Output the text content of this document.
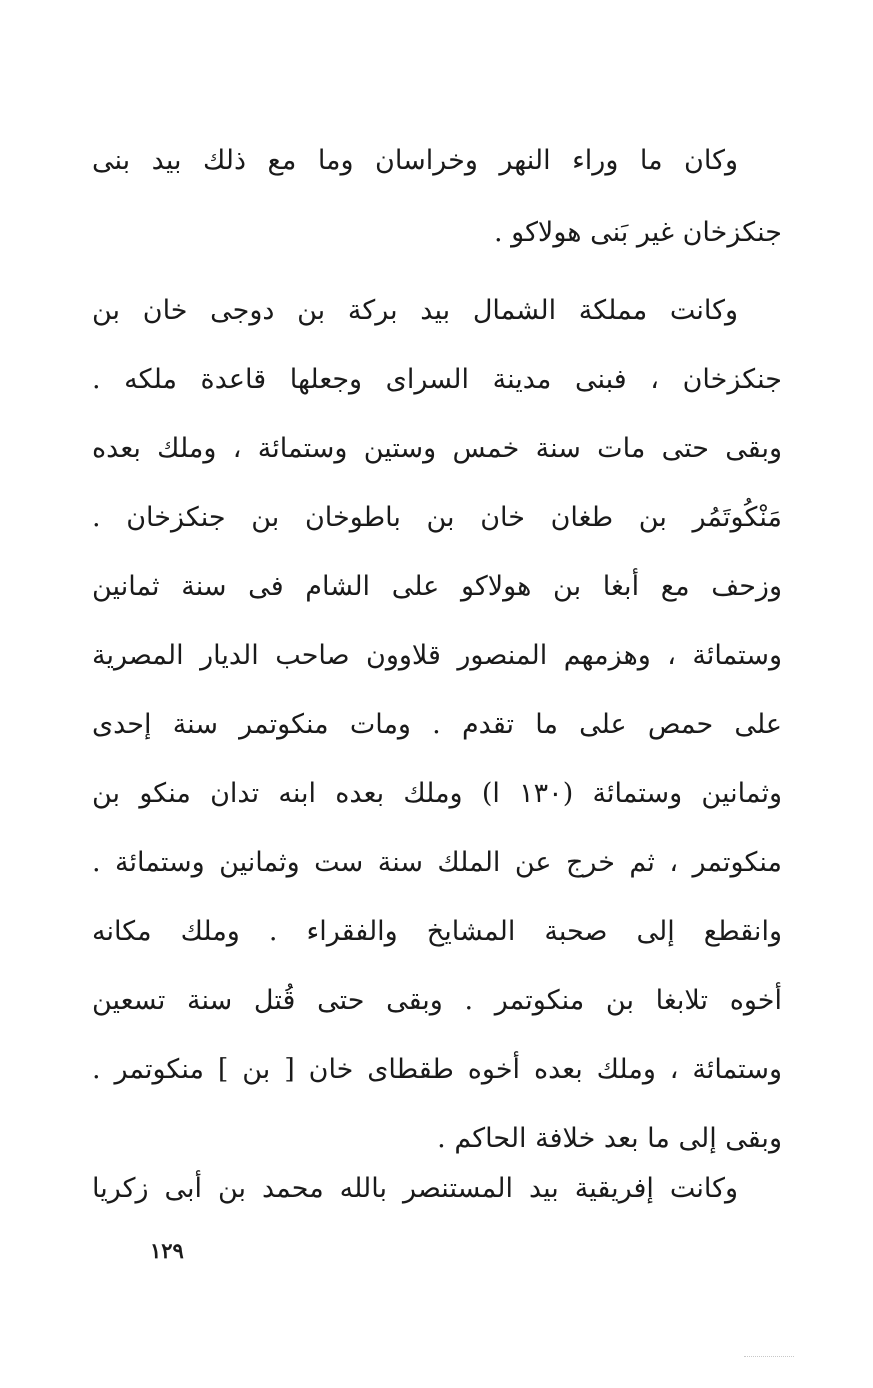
وكان ما وراء النهر وخراسان وما مع ذلك بيد بنى
جنكزخان غير بَنى هولاكو .
وكانت مملكة الشمال بيد بركة بن دوجى خان بن
جنكزخان ، فبنى مدينة السراى وجعلها قاعدة ملكه .
وبقى حتى مات سنة خمس وستين وستمائة ، وملك بعده
مَنْكُوتَمُر بن طغان خان بن باطوخان بن جنكزخان .
وزحف مع أبغا بن هولاكو على الشام فى سنة ثمانين
وستمائة ، وهزمهم المنصور قلاوون صاحب الديار المصرية
على حمص على ما تقدم . ومات منكوتمر سنة إحدى
وثمانين وستمائة (١٣٠ ا) وملك بعده ابنه تدان منكو بن
منكوتمر ، ثم خرج عن الملك سنة ست وثمانين وستمائة .
وانقطع إلى صحبة المشايخ والفقراء . وملك مكانه
أخوه تلابغا بن منكوتمر . وبقى حتى قُتل سنة تسعين
وستمائة ، وملك بعده أخوه طقطاى خان [ بن ] منكوتمر .
وبقى إلى ما بعد خلافة الحاكم .
وكانت إفريقية بيد المستنصر بالله محمد بن أبى زكريا
١٢٩
